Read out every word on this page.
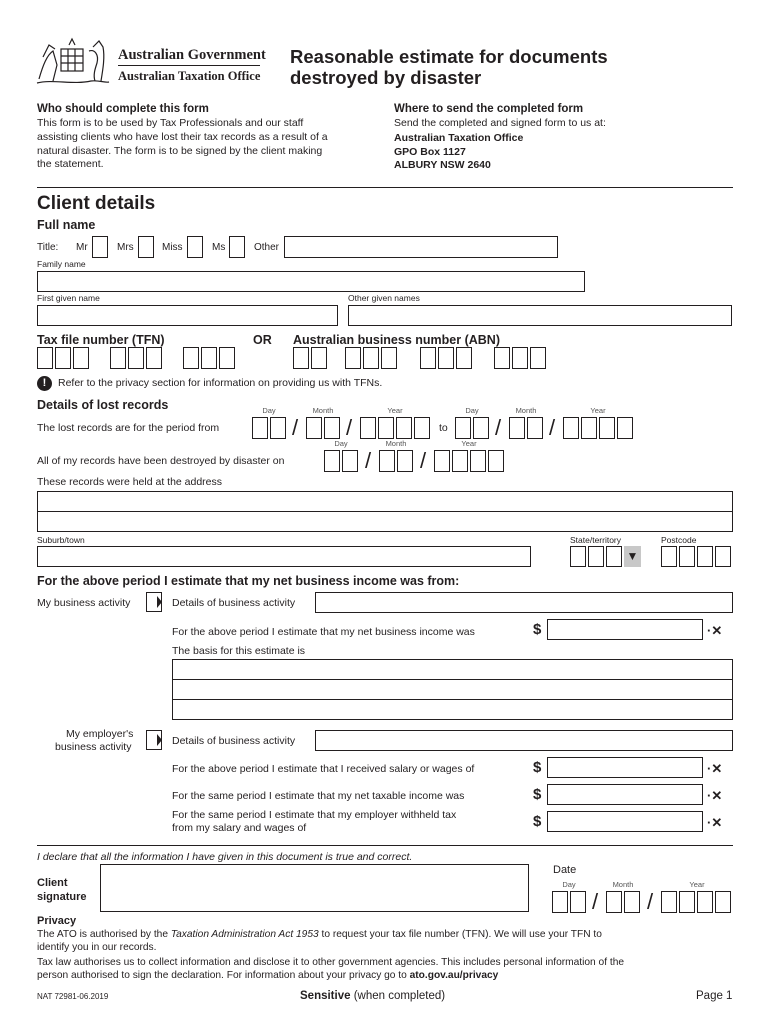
Australian Government
Australian Taxation Office
Reasonable estimate for documents
destroyed by disaster
Who should complete this form
This form is to be used by Tax Professionals and our staff
assisting clients who have lost their tax records as a result of a
natural disaster. The form is to be signed by the client making
the statement.
Where to send the completed form
Send the completed and signed form to us at:
Australian Taxation Office
GPO Box 1127
ALBURY NSW 2640
Client details
Full name
Title: Mr	Mrs	Miss	Ms	Other
Family name
First given name	Other given names
Tax file number (TFN)	OR Australian business number (ABN)
!	Refer to the privacy section for information on providing us with TFNs.
Details of lost records	Day	Month	Year	Day	Month	Year
The lost records are for the period from	/ /	to / /
Day	Month	Year
All of my records have been destroyed by disaster on	/ /
These records were held at the address
Suburb/town	State/territory
▼
Postcode
For the above period I estimate that my net business income was from:
My business activity	Details of business activity
For the above period I estimate that my net business income was	$	·✕
The basis for this estimate is
My employer's
business activity	Details of business activity
For the above period I estimate that I received salary or wages of	$	·✕
For the same period I estimate that my net taxable income was	$	·✕
For the same period I estimate that my employer withheld tax
from my salary and wages of	$	·✕
I declare that all the information I have given in this document is true and correct.
Client
signature
Date
Day	Month	Year
/ /
Privacy
The ATO is authorised by the Taxation Administration Act 1953 to request your tax file number (TFN). We will use your TFN to
identify you in our records.
Tax law authorises us to collect information and disclose it to other government agencies. This includes personal information of the
person authorised to sign the declaration. For information about your privacy go to ato.gov.au/privacy
NAT 72981-06.2019	Sensitive (when completed)	Page 1
